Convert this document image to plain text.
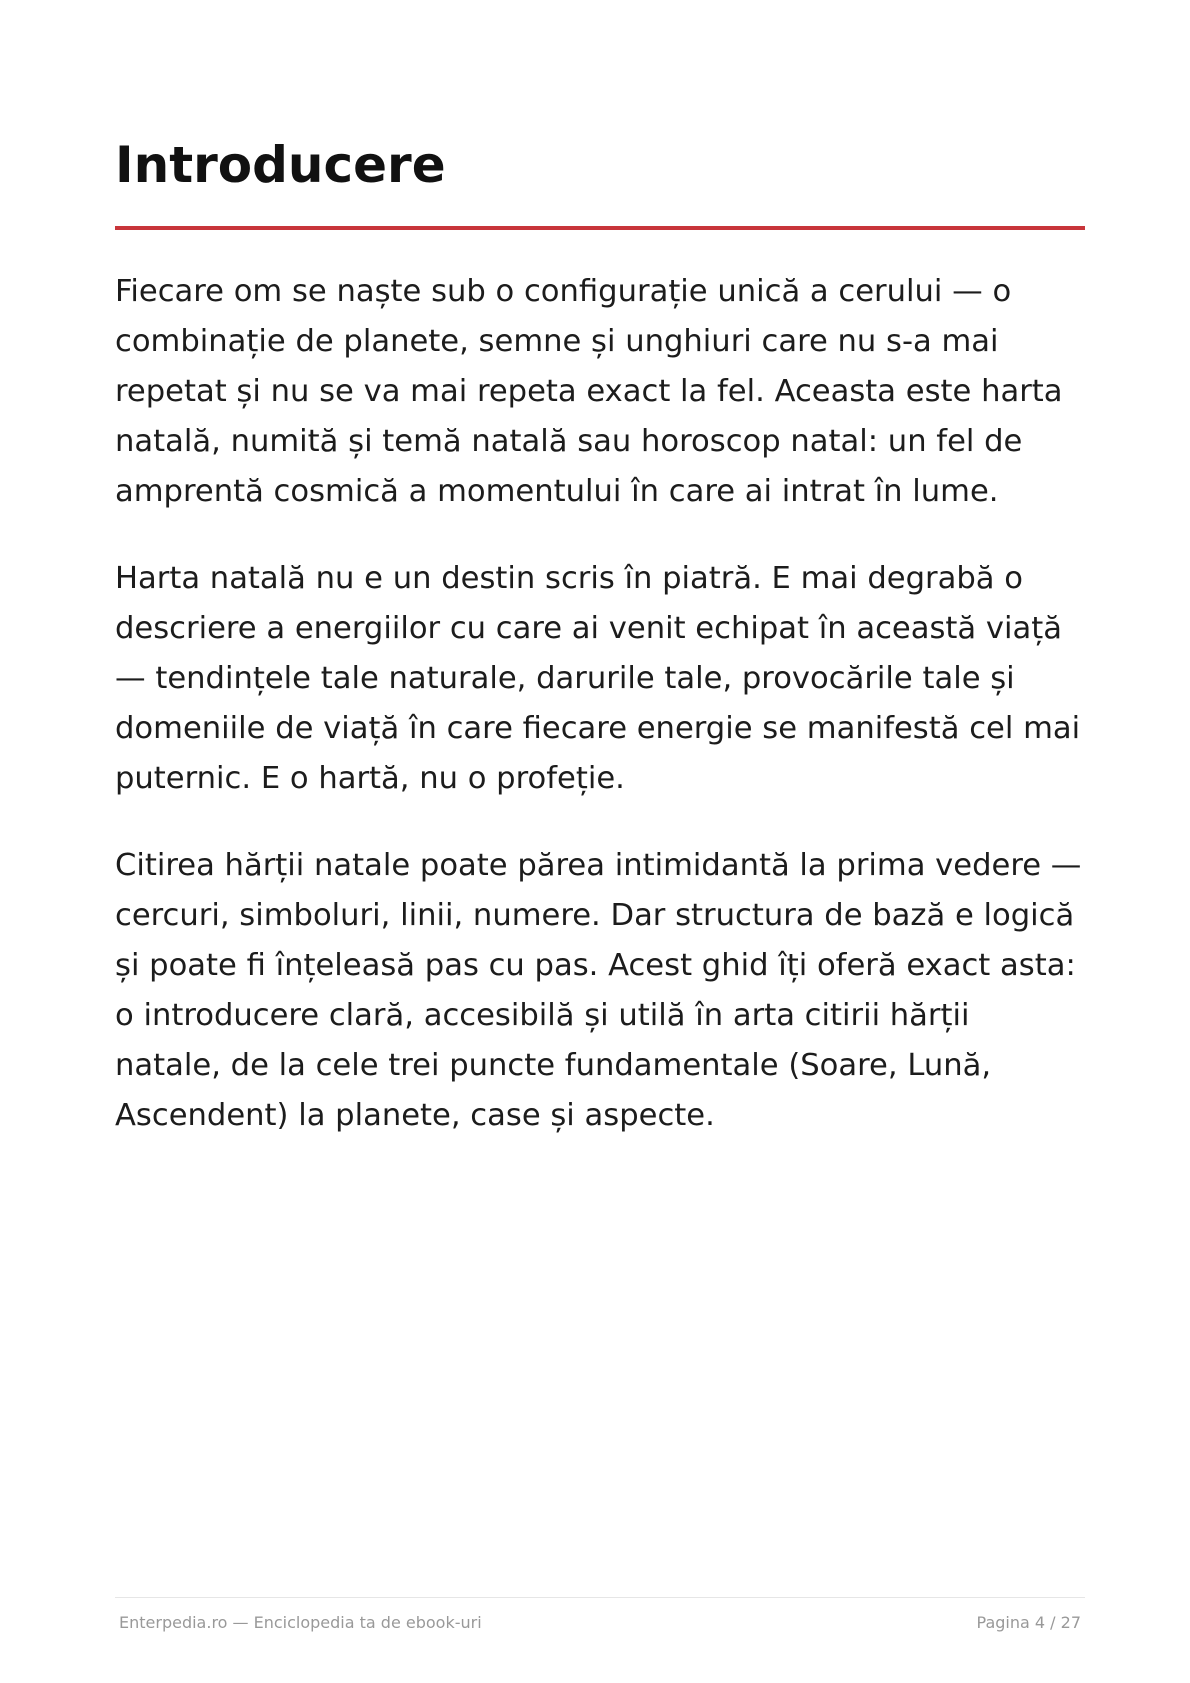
Introducere

Fiecare om se naște sub o configurație unică a cerului — o combinație de planete, semne și unghiuri care nu s-a mai repetat și nu se va mai repeta exact la fel. Aceasta este harta natală, numită și temă natală sau horoscop natal: un fel de amprentă cosmică a momentului în care ai intrat în lume.

Harta natală nu e un destin scris în piatră. E mai degrabă o descriere a energiilor cu care ai venit echipat în această viață — tendințele tale naturale, darurile tale, provocările tale și domeniile de viață în care fiecare energie se manifestă cel mai puternic. E o hartă, nu o profeție.

Citirea hărții natale poate părea intimidantă la prima vedere — cercuri, simboluri, linii, numere. Dar structura de bază e logică și poate fi înțeleasă pas cu pas. Acest ghid îți oferă exact asta: o introducere clară, accesibilă și utilă în arta citirii hărții natale, de la cele trei puncte fundamentale (Soare, Lună, Ascendent) la planete, case și aspecte.

Enterpedia.ro — Enciclopedia ta de ebook-uri	Pagina 4 / 27
